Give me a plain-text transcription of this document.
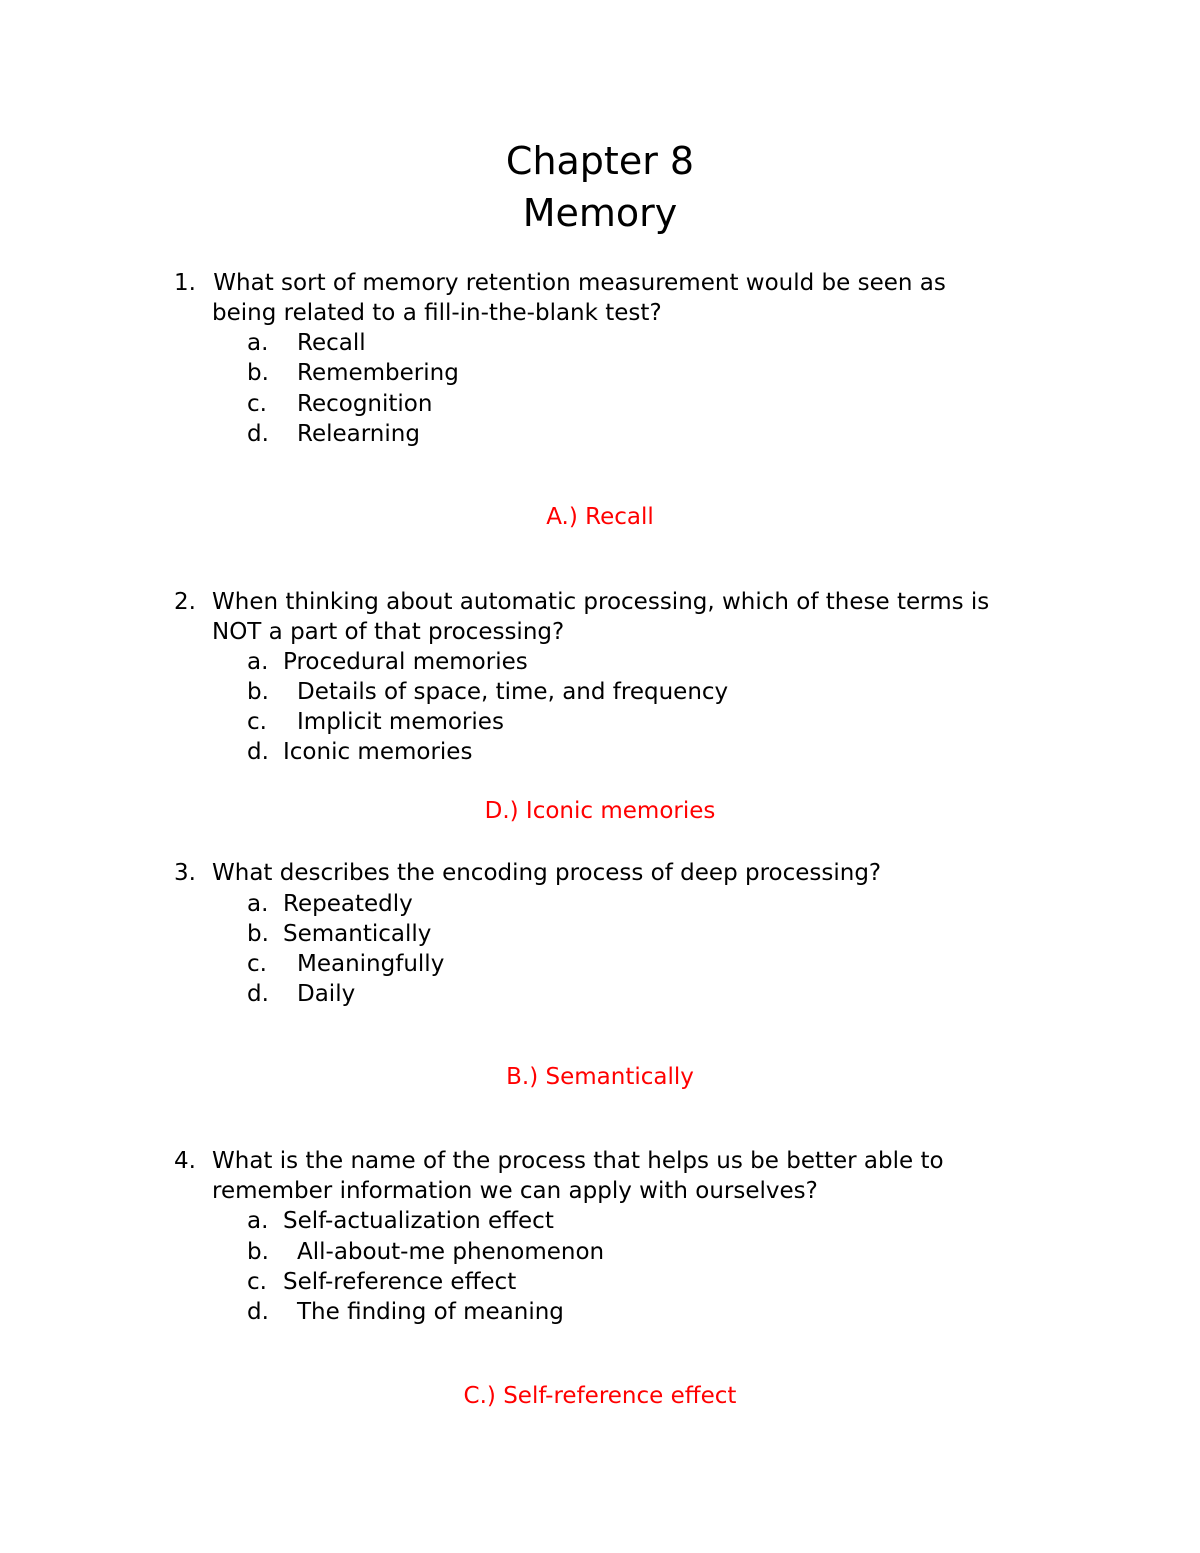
Chapter 8
Memory
1. What sort of memory retention measurement would be seen as
being related to a fill-in-the-blank test?
a. Recall
b. Remembering
c. Recognition
d. Relearning
A.) Recall
2. When thinking about automatic processing, which of these terms is
NOT a part of that processing?
a. Procedural memories
b. Details of space, time, and frequency
c. Implicit memories
d. Iconic memories
D.) Iconic memories
3. What describes the encoding process of deep processing?
a. Repeatedly
b. Semantically
c. Meaningfully
d. Daily
B.) Semantically
4. What is the name of the process that helps us be better able to
remember information we can apply with ourselves?
a. Self-actualization effect
b. All-about-me phenomenon
c. Self-reference effect
d. The finding of meaning
C.) Self-reference effect
